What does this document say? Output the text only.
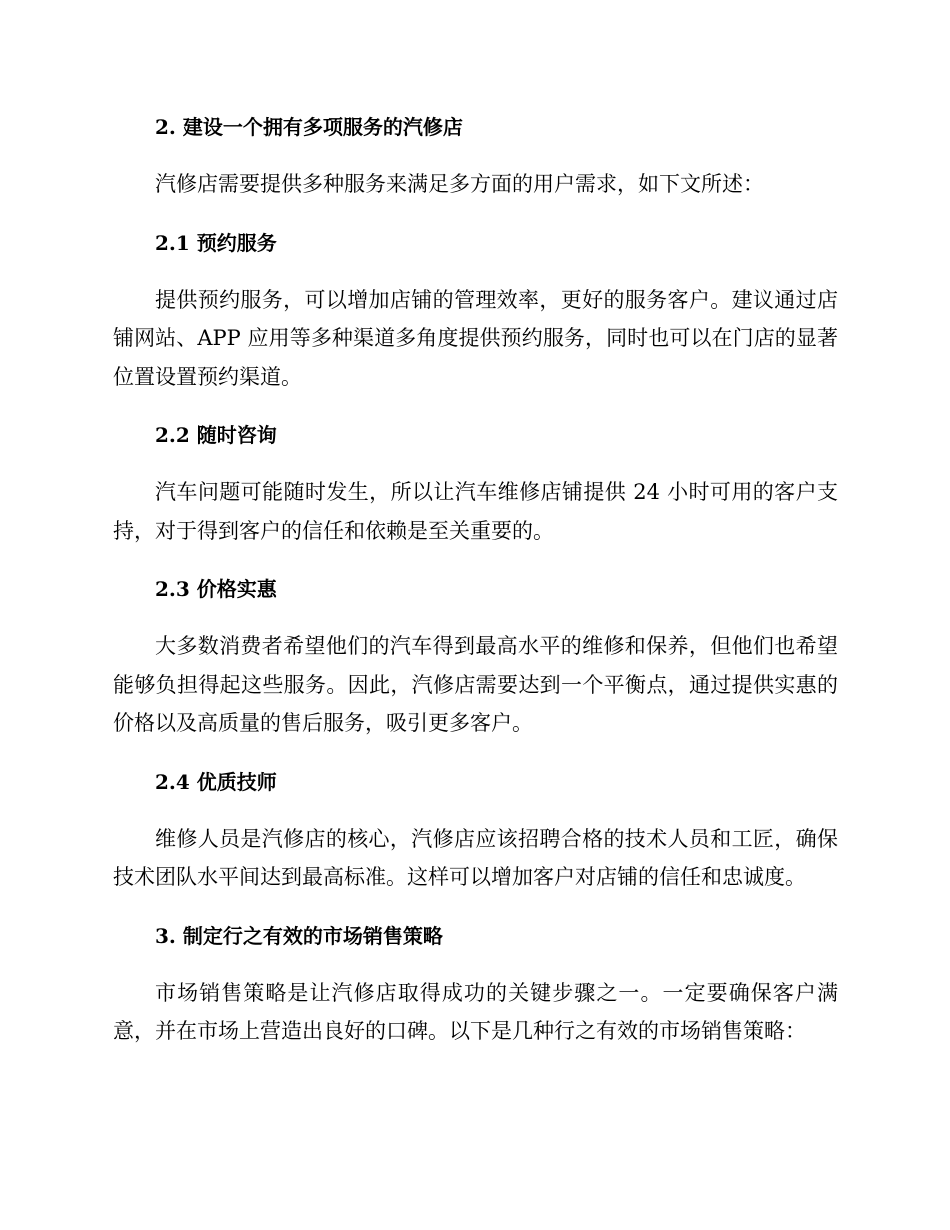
2. 建设一个拥有多项服务的汽修店

汽修店需要提供多种服务来满足多方面的用户需求，如下文所述：

2.1 预约服务

提供预约服务，可以增加店铺的管理效率，更好的服务客户。建议通过店铺网站、APP 应用等多种渠道多角度提供预约服务，同时也可以在门店的显著位置设置预约渠道。

2.2 随时咨询

汽车问题可能随时发生，所以让汽车维修店铺提供 24 小时可用的客户支持，对于得到客户的信任和依赖是至关重要的。

2.3 价格实惠

大多数消费者希望他们的汽车得到最高水平的维修和保养，但他们也希望能够负担得起这些服务。因此，汽修店需要达到一个平衡点，通过提供实惠的价格以及高质量的售后服务，吸引更多客户。

2.4 优质技师

维修人员是汽修店的核心，汽修店应该招聘合格的技术人员和工匠，确保技术团队水平间达到最高标准。这样可以增加客户对店铺的信任和忠诚度。

3. 制定行之有效的市场销售策略

市场销售策略是让汽修店取得成功的关键步骤之一。一定要确保客户满意，并在市场上营造出良好的口碑。以下是几种行之有效的市场销售策略：
